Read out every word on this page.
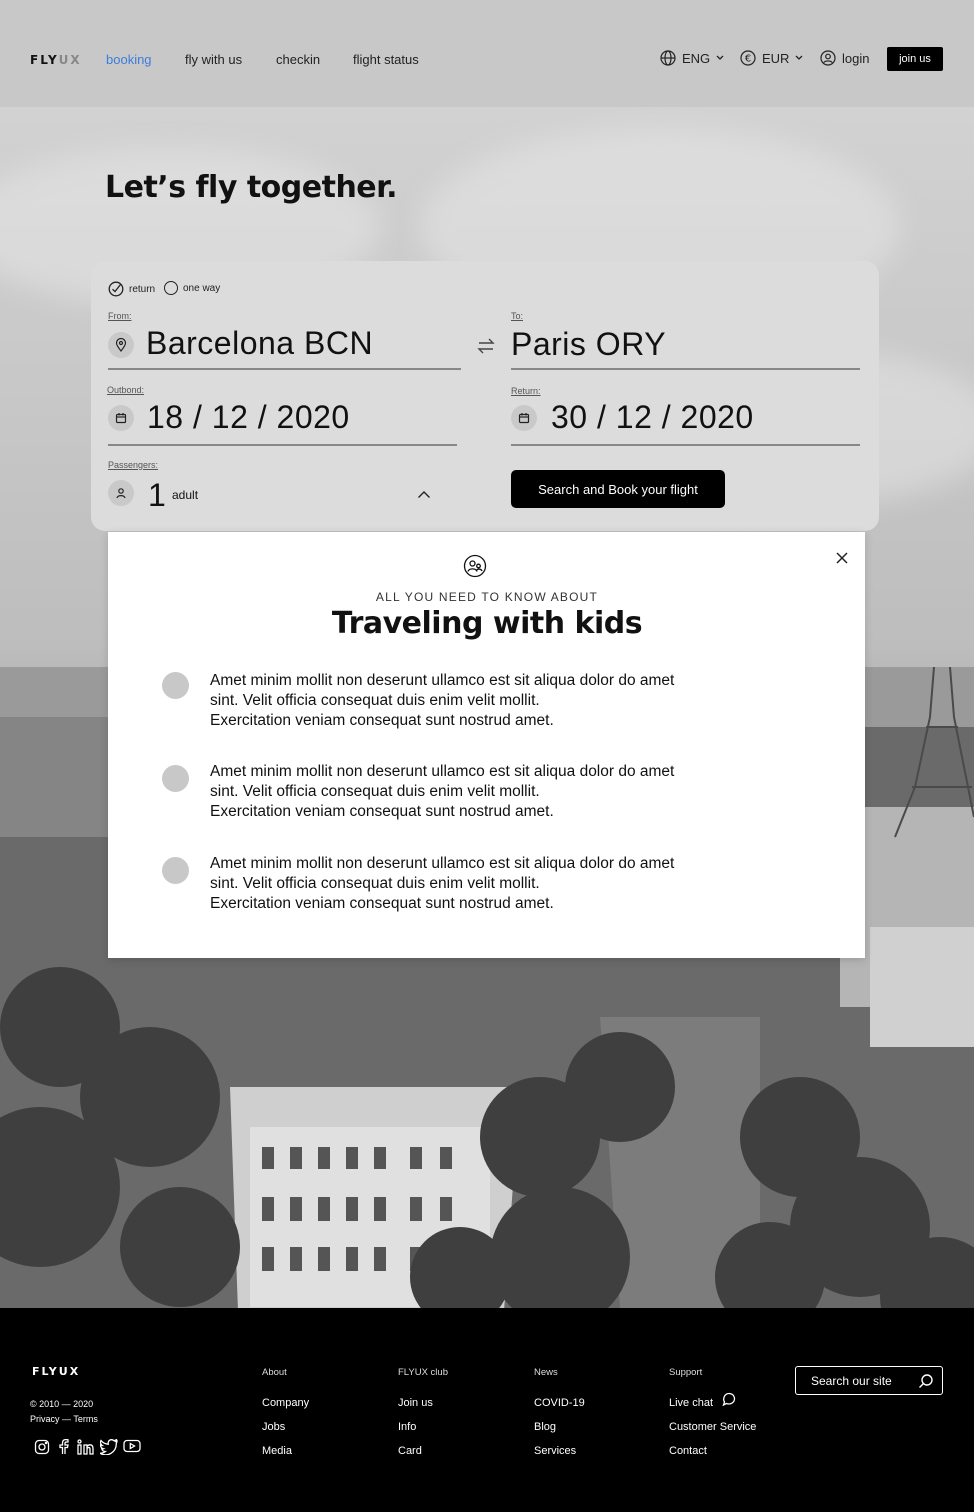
FLYUX booking	fly with us	checkin	flight status	ENG	€ EUR	login	join us
Let’s fly together.
return	one way
From:
Barcelona BCN
To:
Paris ORY
Outbond:
18 / 12 / 2020
Return:
30 / 12 / 2020
Passengers:
1 adult	Search and Book your flight
ALL YOU NEED TO KNOW ABOUT
Traveling with kids
Amet minim mollit non deserunt ullamco est sit aliqua dolor do amet
sint. Velit officia consequat duis enim velit mollit.
Exercitation veniam consequat sunt nostrud amet.
Amet minim mollit non deserunt ullamco est sit aliqua dolor do amet
sint. Velit officia consequat duis enim velit mollit.
Exercitation veniam consequat sunt nostrud amet.
Amet minim mollit non deserunt ullamco est sit aliqua dolor do amet
sint. Velit officia consequat duis enim velit mollit.
Exercitation veniam consequat sunt nostrud amet.
FLYUX
© 2010 — 2020
Privacy — Terms
About
Company
Jobs
Media
FLYUX club
Join us
Info
Card
News
COVID-19
Blog
Services
Support
Live chat
Customer Service
Contact
Search our site
